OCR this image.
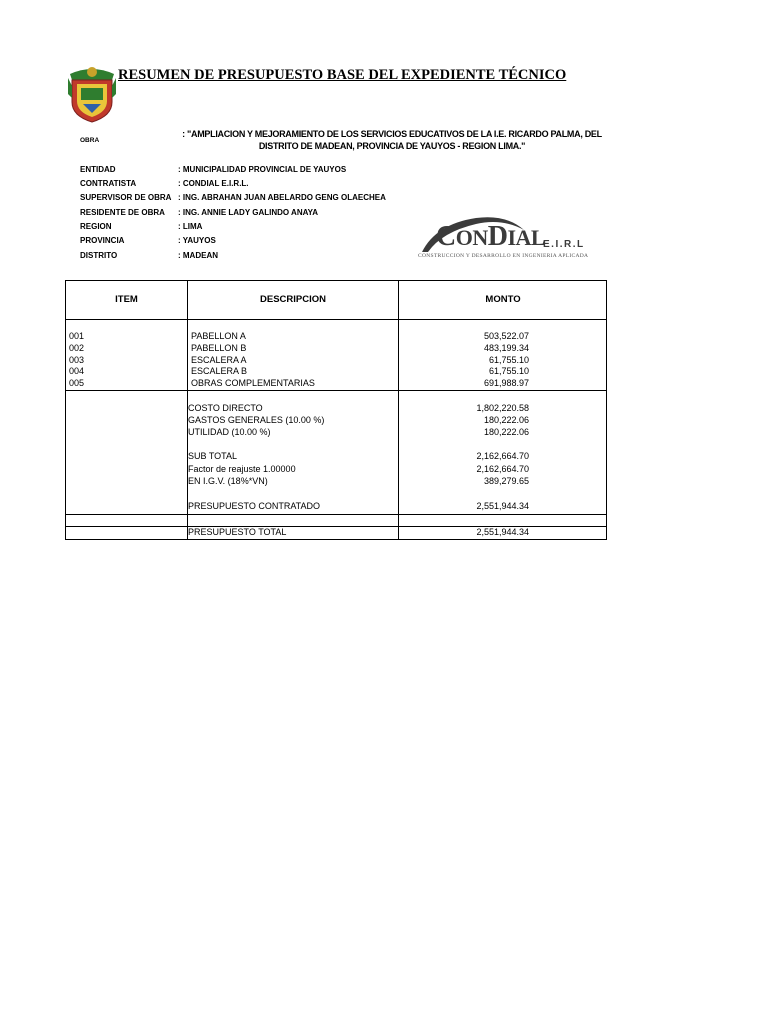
RESUMEN DE PRESUPUESTO BASE DEL EXPEDIENTE TÉCNICO
OBRA
: "AMPLIACION Y MEJORAMIENTO DE LOS SERVICIOS EDUCATIVOS DE LA I.E. RICARDO PALMA, DEL DISTRITO DE MADEAN, PROVINCIA DE YAUYOS - REGION LIMA."
ENTIDAD	: MUNICIPALIDAD PROVINCIAL DE YAUYOS
CONTRATISTA	: CONDIAL E.I.R.L.
SUPERVISOR DE OBRA : ING. ABRAHAN JUAN ABELARDO GENG OLAECHEA
RESIDENTE DE OBRA : ING. ANNIE LADY GALINDO ANAYA
REGION	: LIMA
PROVINCIA	: YAUYOS
DISTRITO	: MADEAN
CONDIAL
E.I.R.L
CONSTRUCCION Y DESARROLLO EN INGENIERIA APLICADA
ITEM	DESCRIPCION	MONTO
001	PABELLON A	503,522.07
002	PABELLON B	483,199.34
003	ESCALERA A	61,755.10
004	ESCALERA B	61,755.10
005	OBRAS COMPLEMENTARIAS	691,988.97
COSTO DIRECTO	1,802,220.58
GASTOS GENERALES (10.00 %)	180,222.06
UTILIDAD (10.00 %)	180,222.06
SUB TOTAL	2,162,664.70
Factor de reajuste 1.00000	2,162,664.70
EN I.G.V. (18%*VN)	389,279.65
PRESUPUESTO CONTRATADO	2,551,944.34
PRESUPUESTO TOTAL	2,551,944.34
